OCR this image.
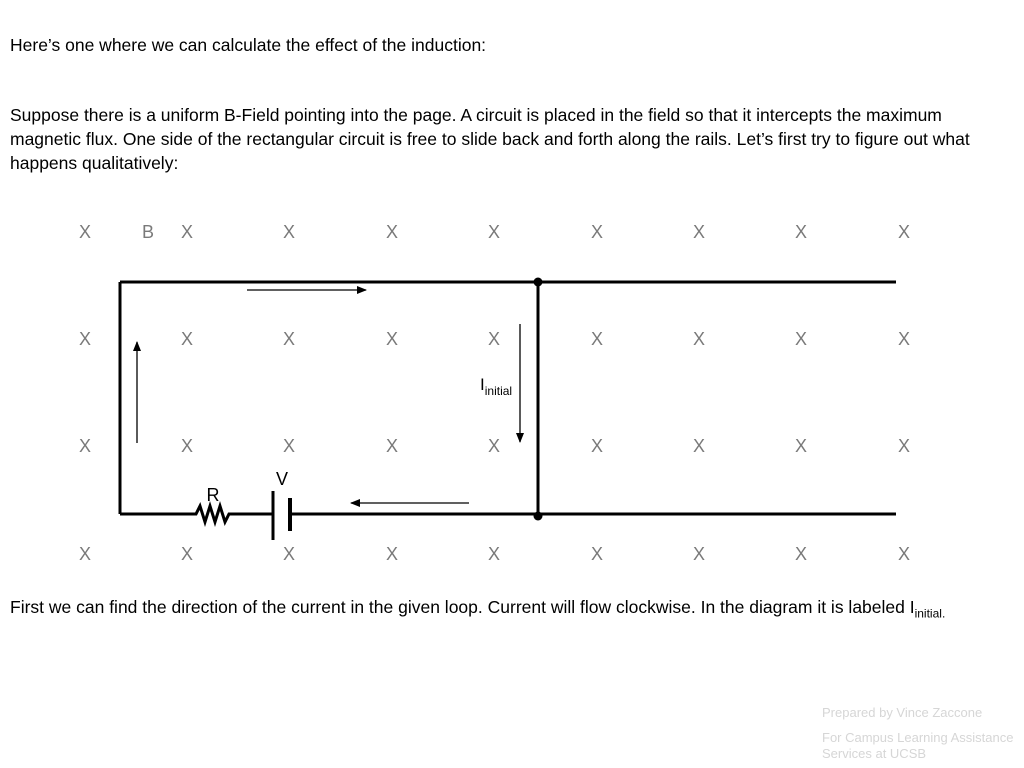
Here’s one where we can calculate the effect of the induction:

Suppose there is a uniform B-Field pointing into the page. A circuit is placed in the field so that it intercepts the maximum magnetic flux. One side of the rectangular circuit is free to slide back and forth along the rails. Let’s first try to figure out what happens qualitatively:

X	X	X	X	X	X	X	X	X
X	X	X	X	X	X	X	X	X
X	X	X	X	X	X	X	X	X
X	X	X	X	X	X	X	X	X
B
R
V
$I_{initial}$

First we can find the direction of the current in the given loop. Current will flow clockwise. In the diagram it is labeled $I_{initial.}$

Prepared by Vince Zaccone

For Campus Learning Assistance Services at UCSB
